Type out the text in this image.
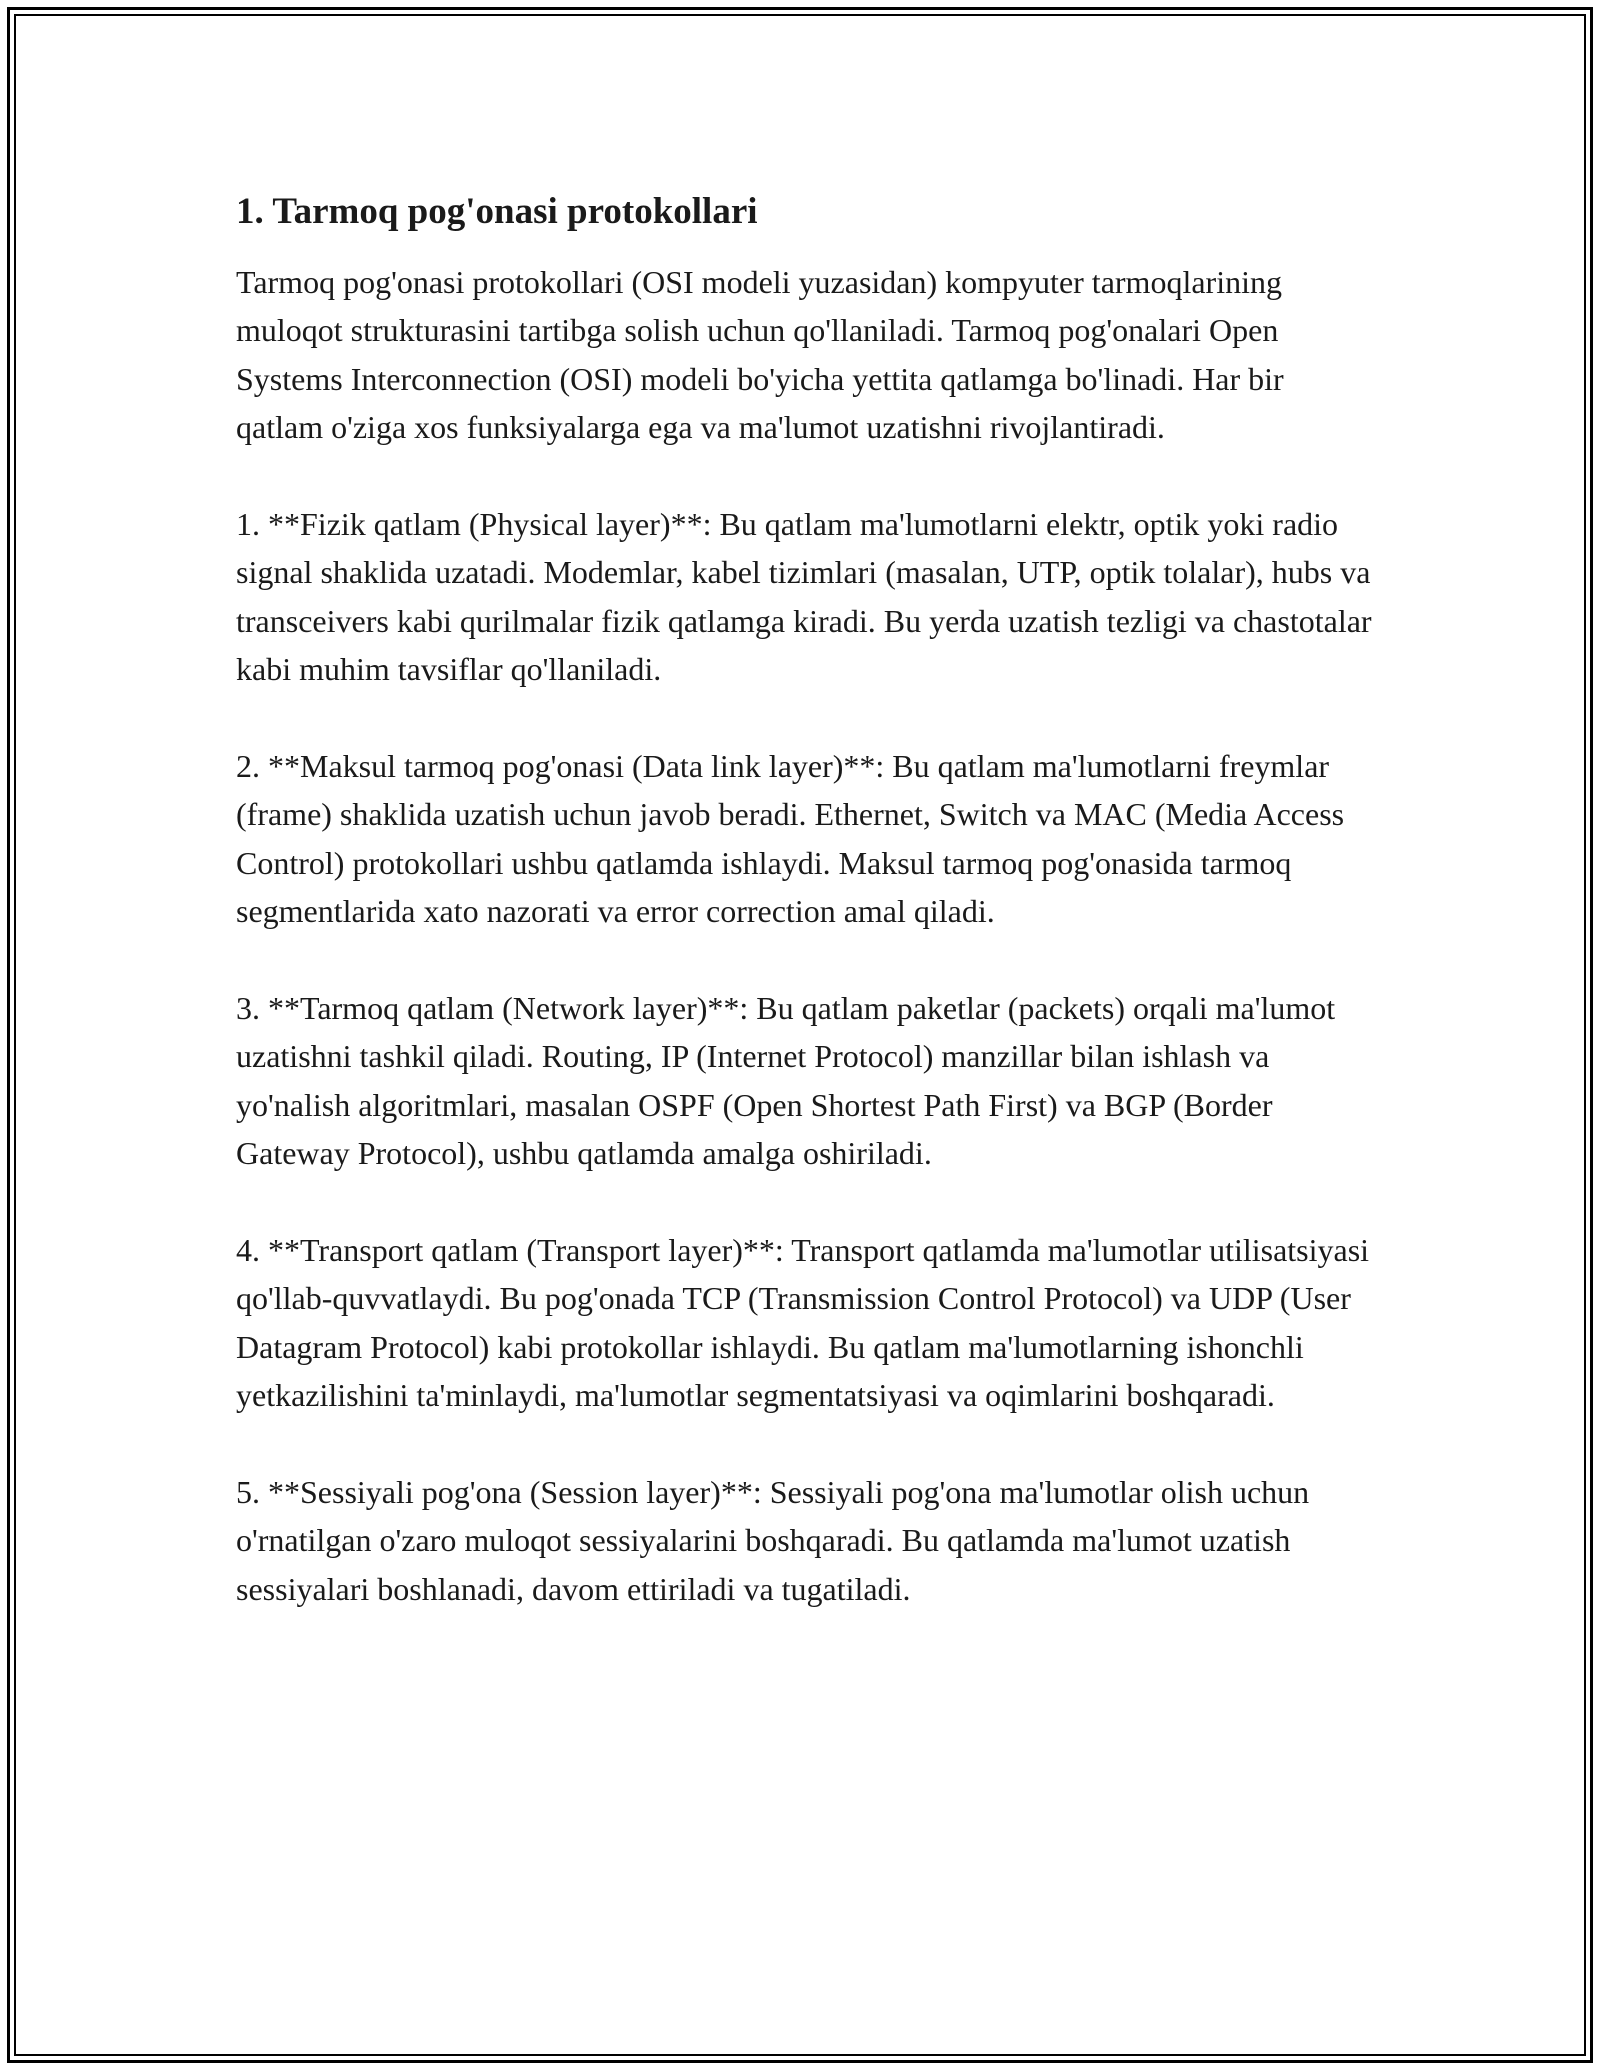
1. Tarmoq pog'onasi protokollari

Tarmoq pog'onasi protokollari (OSI modeli yuzasidan) kompyuter tarmoqlarining muloqot strukturasini tartibga solish uchun qo'llaniladi. Tarmoq pog'onalari Open Systems Interconnection (OSI) modeli bo'yicha yettita qatlamga bo'linadi. Har bir qatlam o'ziga xos funksiyalarga ega va ma'lumot uzatishni rivojlantiradi.

1. **Fizik qatlam (Physical layer)**: Bu qatlam ma'lumotlarni elektr, optik yoki radio signal shaklida uzatadi. Modemlar, kabel tizimlari (masalan, UTP, optik tolalar), hubs va transceivers kabi qurilmalar fizik qatlamga kiradi. Bu yerda uzatish tezligi va chastotalar kabi muhim tavsiflar qo'llaniladi.

2. **Maksul tarmoq pog'onasi (Data link layer)**: Bu qatlam ma'lumotlarni freymlar (frame) shaklida uzatish uchun javob beradi. Ethernet, Switch va MAC (Media Access Control) protokollari ushbu qatlamda ishlaydi. Maksul tarmoq pog'onasida tarmoq segmentlarida xato nazorati va error correction amal qiladi.

3. **Tarmoq qatlam (Network layer)**: Bu qatlam paketlar (packets) orqali ma'lumot uzatishni tashkil qiladi. Routing, IP (Internet Protocol) manzillar bilan ishlash va yo'nalish algoritmlari, masalan OSPF (Open Shortest Path First) va BGP (Border Gateway Protocol), ushbu qatlamda amalga oshiriladi.

4. **Transport qatlam (Transport layer)**: Transport qatlamda ma'lumotlar utilisatsiyasi qo'llab-quvvatlaydi. Bu pog'onada TCP (Transmission Control Protocol) va UDP (User Datagram Protocol) kabi protokollar ishlaydi. Bu qatlam ma'lumotlarning ishonchli yetkazilishini ta'minlaydi, ma'lumotlar segmentatsiyasi va oqimlarini boshqaradi.

5. **Sessiyali pog'ona (Session layer)**: Sessiyali pog'ona ma'lumotlar olish uchun o'rnatilgan o'zaro muloqot sessiyalarini boshqaradi. Bu qatlamda ma'lumot uzatish sessiyalari boshlanadi, davom ettiriladi va tugatiladi.
